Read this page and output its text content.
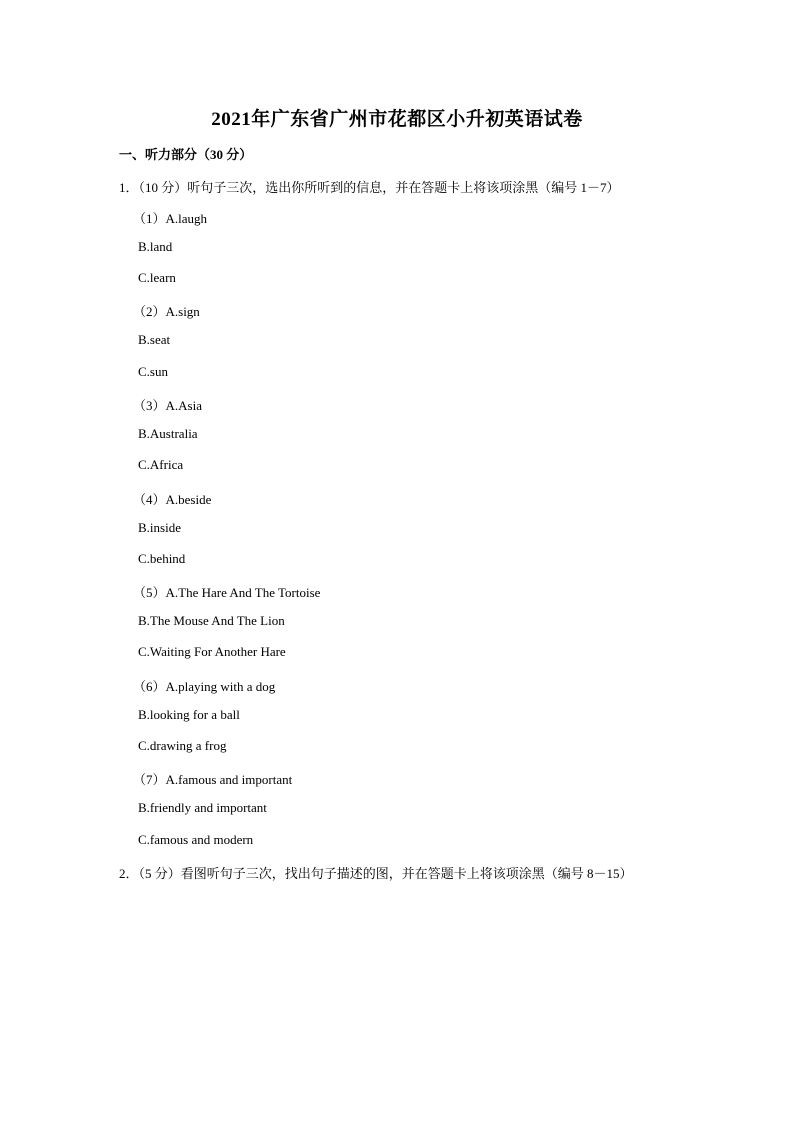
2021年广东省广州市花都区小升初英语试卷
一、听力部分（30 分）
1．（10 分）听句子三次，选出你所听到的信息，并在答题卡上将该项涂黑（编号 1－7）
（1）A.laugh
B.land
C.learn
（2）A.sign
B.seat
C.sun
（3）A.Asia
B.Australia
C.Africa
（4）A.beside
B.inside
C.behind
（5）A.The Hare And The Tortoise
B.The Mouse And The Lion
C.Waiting For Another Hare
（6）A.playing with a dog
B.looking for a ball
C.drawing a frog
（7）A.famous and important
B.friendly and important
C.famous and modern
2．（5 分）看图听句子三次，找出句子描述的图，并在答题卡上将该项涂黑（编号 8－15）
